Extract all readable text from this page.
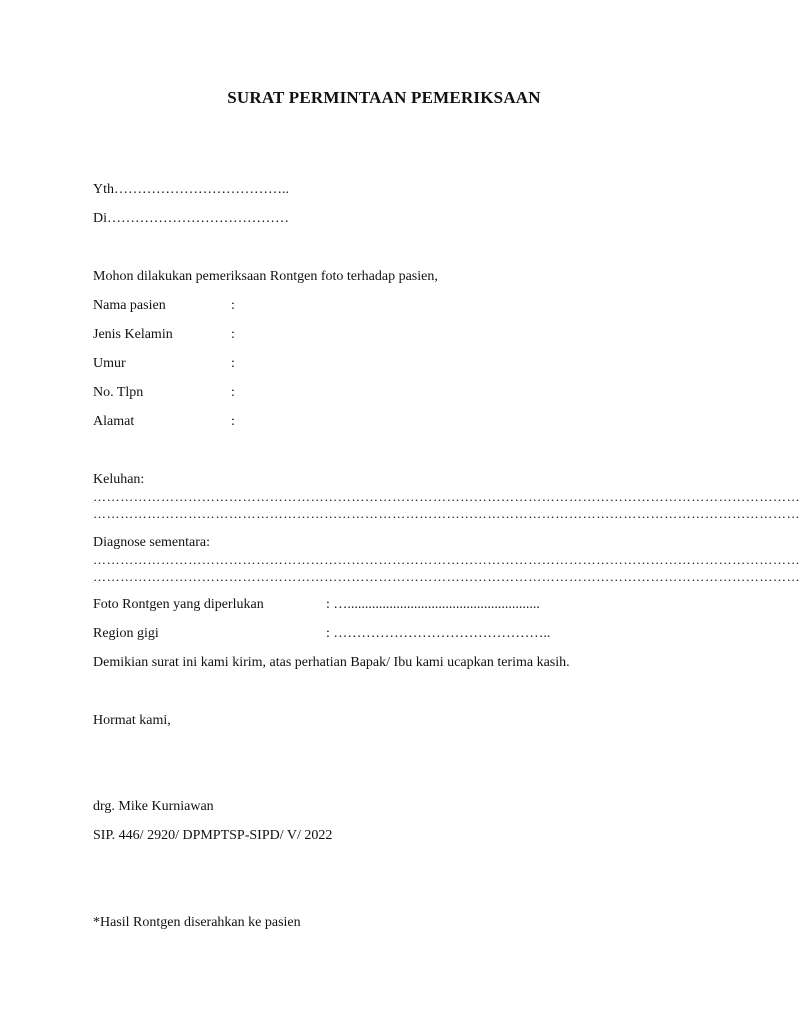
SURAT PERMINTAAN PEMERIKSAAN
Yth………………………………..
Di…………………………………
Mohon dilakukan pemeriksaan Rontgen foto terhadap pasien,
Nama pasien	:
Jenis Kelamin	:
Umur	:
No. Tlpn	:
Alamat	:
Keluhan:
…………………………………………………………………………………………………………………………………………
…………………………………………………………………………………………………………………………………………
Diagnose sementara:
…………………………………………………………………………………………………………………………………………
…………………………………………………………………………………………………………………………………………
Foto Rontgen yang diperlukan	: ….......................................................
Region gigi	: ………………………………………..
Demikian surat ini kami kirim, atas perhatian Bapak/ Ibu kami ucapkan terima kasih.
Hormat kami,
drg. Mike Kurniawan
SIP. 446/ 2920/ DPMPTSP-SIPD/ V/ 2022
*Hasil Rontgen diserahkan ke pasien
